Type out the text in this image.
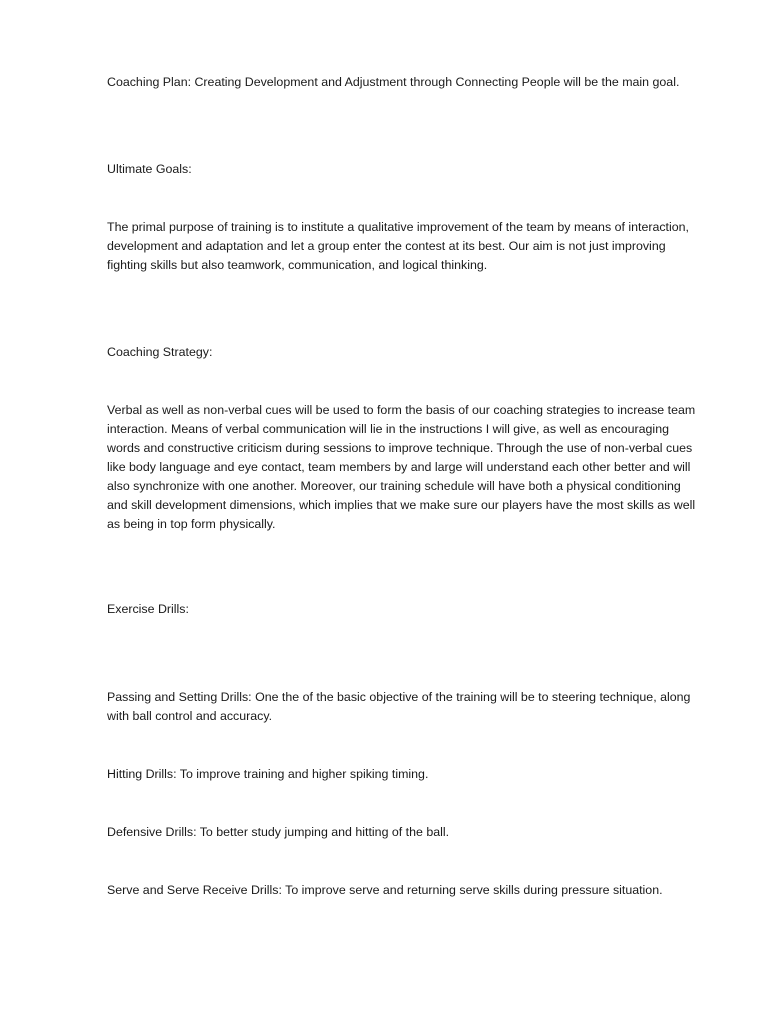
Coaching Plan: Creating Development and Adjustment through Connecting People will be the main goal.

Ultimate Goals:

The primal purpose of training is to institute a qualitative improvement of the team by means of interaction,
development and adaptation and let a group enter the contest at its best. Our aim is not just improving
fighting skills but also teamwork, communication, and logical thinking.

Coaching Strategy:

Verbal as well as non-verbal cues will be used to form the basis of our coaching strategies to increase team
interaction. Means of verbal communication will lie in the instructions I will give, as well as encouraging
words and constructive criticism during sessions to improve technique. Through the use of non-verbal cues
like body language and eye contact, team members by and large will understand each other better and will
also synchronize with one another. Moreover, our training schedule will have both a physical conditioning
and skill development dimensions, which implies that we make sure our players have the most skills as well
as being in top form physically.

Exercise Drills:

Passing and Setting Drills: One the of the basic objective of the training will be to steering technique, along
with ball control and accuracy.

Hitting Drills: To improve training and higher spiking timing.

Defensive Drills: To better study jumping and hitting of the ball.

Serve and Serve Receive Drills: To improve serve and returning serve skills during pressure situation.
